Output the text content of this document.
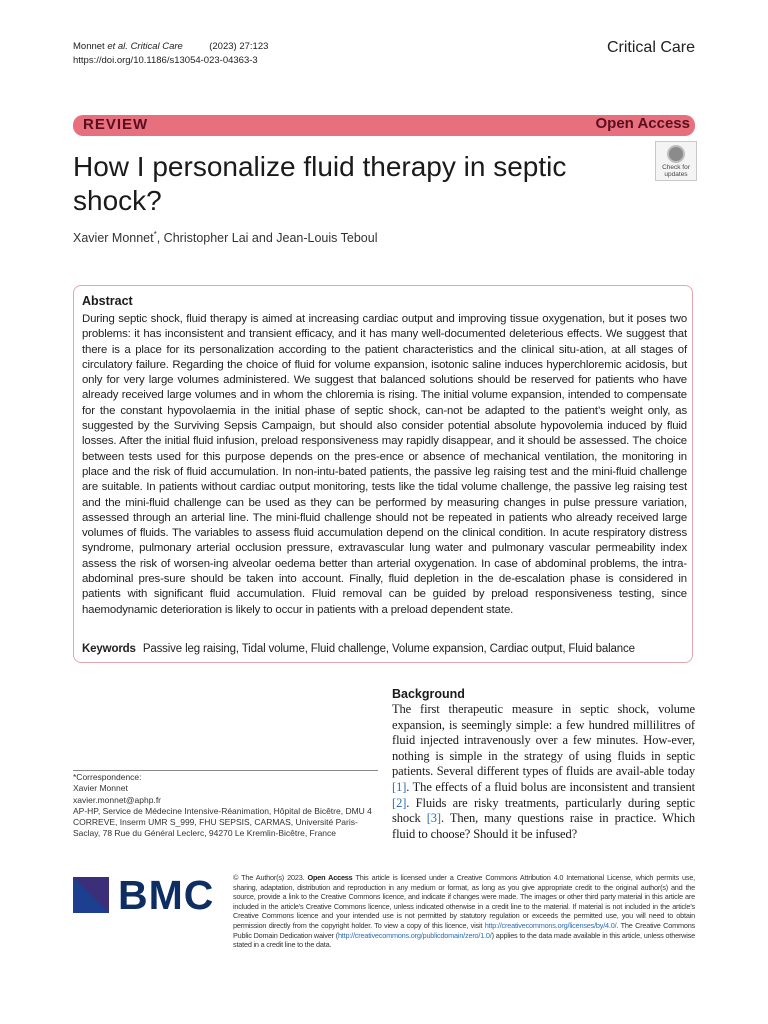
Monnet et al. Critical Care	(2023) 27:123
https://doi.org/10.1186/s13054-023-04363-3
Critical Care
REVIEW	Open Access
How I personalize fluid therapy in septic shock?
Check for
updates
Xavier Monnet*, Christopher Lai and Jean-Louis Teboul
Abstract
During septic shock, fluid therapy is aimed at increasing cardiac output and improving tissue oxygenation, but it poses two problems: it has inconsistent and transient efficacy, and it has many well-documented deleterious effects. We suggest that there is a place for its personalization according to the patient characteristics and the clinical situ-ation, at all stages of circulatory failure. Regarding the choice of fluid for volume expansion, isotonic saline induces hyperchloremic acidosis, but only for very large volumes administered. We suggest that balanced solutions should be reserved for patients who have already received large volumes and in whom the chloremia is rising. The initial volume expansion, intended to compensate for the constant hypovolaemia in the initial phase of septic shock, can-not be adapted to the patient’s weight only, as suggested by the Surviving Sepsis Campaign, but should also consider potential absolute hypovolemia induced by fluid losses. After the initial fluid infusion, preload responsiveness may rapidly disappear, and it should be assessed. The choice between tests used for this purpose depends on the pres-ence or absence of mechanical ventilation, the monitoring in place and the risk of fluid accumulation. In non-intu-bated patients, the passive leg raising test and the mini-fluid challenge are suitable. In patients without cardiac output monitoring, tests like the tidal volume challenge, the passive leg raising test and the mini-fluid challenge can be used as they can be performed by measuring changes in pulse pressure variation, assessed through an arterial line. The mini-fluid challenge should not be repeated in patients who already received large volumes of fluids. The variables to assess fluid accumulation depend on the clinical condition. In acute respiratory distress syndrome, pulmonary arterial occlusion pressure, extravascular lung water and pulmonary vascular permeability index assess the risk of worsen-ing alveolar oedema better than arterial oxygenation. In case of abdominal problems, the intra-abdominal pres-sure should be taken into account. Finally, fluid depletion in the de-escalation phase is considered in patients with significant fluid accumulation. Fluid removal can be guided by preload responsiveness testing, since haemodynamic deterioration is likely to occur in patients with a preload dependent state.
Keywords Passive leg raising, Tidal volume, Fluid challenge, Volume expansion, Cardiac output, Fluid balance
Background
The first therapeutic measure in septic shock, volume expansion, is seemingly simple: a few hundred millilitres of fluid injected intravenously over a few minutes. How-ever, nothing is simple in the strategy of using fluids in septic patients. Several different types of fluids are avail-able today [1]. The effects of a fluid bolus are inconsistent and transient [2]. Fluids are risky treatments, particularly during septic shock [3]. Then, many questions raise in practice. Which fluid to choose? Should it be infused?
*Correspondence:
Xavier Monnet
xavier.monnet@aphp.fr
AP-HP, Service de Médecine Intensive-Réanimation, Hôpital de Bicêtre, DMU 4 CORREVE, Inserm UMR S_999, FHU SEPSIS, CARMAS, Université Paris-Saclay, 78 Rue du Général Leclerc, 94270 Le Kremlin-Bicêtre, France
BMC	© The Author(s) 2023. Open Access This article is licensed under a Creative Commons Attribution 4.0 International License, which permits use, sharing, adaptation, distribution and reproduction in any medium or format, as long as you give appropriate credit to the original author(s) and the source, provide a link to the Creative Commons licence, and indicate if changes were made. The images or other third party material in this article are included in the article’s Creative Commons licence, unless indicated otherwise in a credit line to the material. If material is not included in the article’s Creative Commons licence and your intended use is not permitted by statutory regulation or exceeds the permitted use, you will need to obtain permission directly from the copyright holder. To view a copy of this licence, visit http://creativecommons.org/licenses/by/4.0/. The Creative Commons Public Domain Dedication waiver (http://creativecommons.org/publicdomain/zero/1.0/) applies to the data made available in this article, unless otherwise stated in a credit line to the data.
